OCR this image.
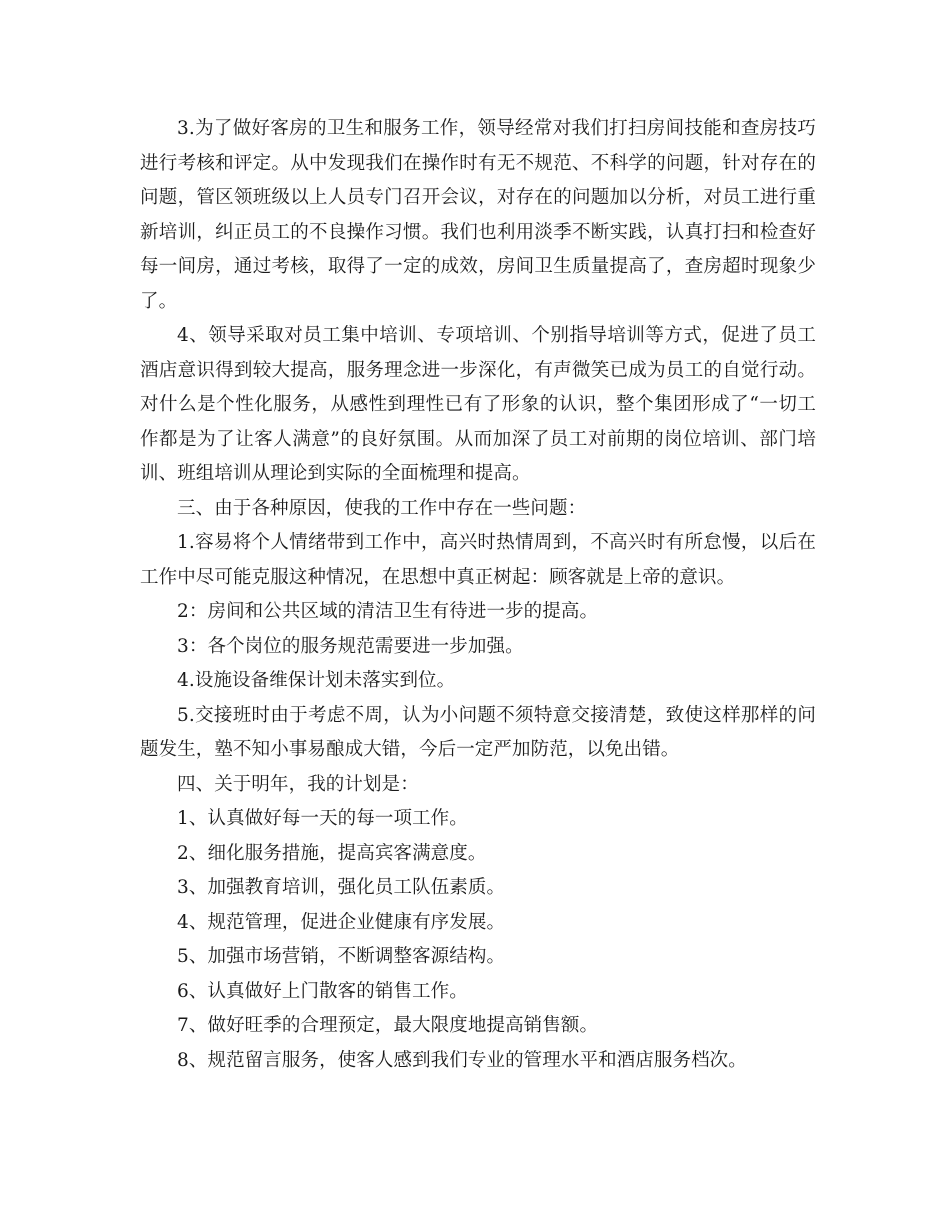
3.为了做好客房的卫生和服务工作，领导经常对我们打扫房间技能和查房技巧进行考核和评定。从中发现我们在操作时有无不规范、不科学的问题，针对存在的问题，管区领班级以上人员专门召开会议，对存在的问题加以分析，对员工进行重新培训，纠正员工的不良操作习惯。我们也利用淡季不断实践，认真打扫和检查好每一间房，通过考核，取得了一定的成效，房间卫生质量提高了，查房超时现象少了。

4、领导采取对员工集中培训、专项培训、个别指导培训等方式，促进了员工酒店意识得到较大提高，服务理念进一步深化，有声微笑已成为员工的自觉行动。对什么是个性化服务，从感性到理性已有了形象的认识，整个集团形成了“一切工作都是为了让客人满意”的良好氛围。从而加深了员工对前期的岗位培训、部门培训、班组培训从理论到实际的全面梳理和提高。

三、由于各种原因，使我的工作中存在一些问题：

1.容易将个人情绪带到工作中，高兴时热情周到，不高兴时有所怠慢，以后在工作中尽可能克服这种情况，在思想中真正树起：顾客就是上帝的意识。

2：房间和公共区域的清洁卫生有待进一步的提高。

3：各个岗位的服务规范需要进一步加强。

4.设施设备维保计划未落实到位。

5.交接班时由于考虑不周，认为小问题不须特意交接清楚，致使这样那样的问题发生，塾不知小事易酿成大错，今后一定严加防范，以免出错。

四、关于明年，我的计划是：

1、认真做好每一天的每一项工作。

2、细化服务措施，提高宾客满意度。

3、加强教育培训，强化员工队伍素质。

4、规范管理，促进企业健康有序发展。

5、加强市场营销，不断调整客源结构。

6、认真做好上门散客的销售工作。

7、做好旺季的合理预定，最大限度地提高销售额。

8、规范留言服务，使客人感到我们专业的管理水平和酒店服务档次。
